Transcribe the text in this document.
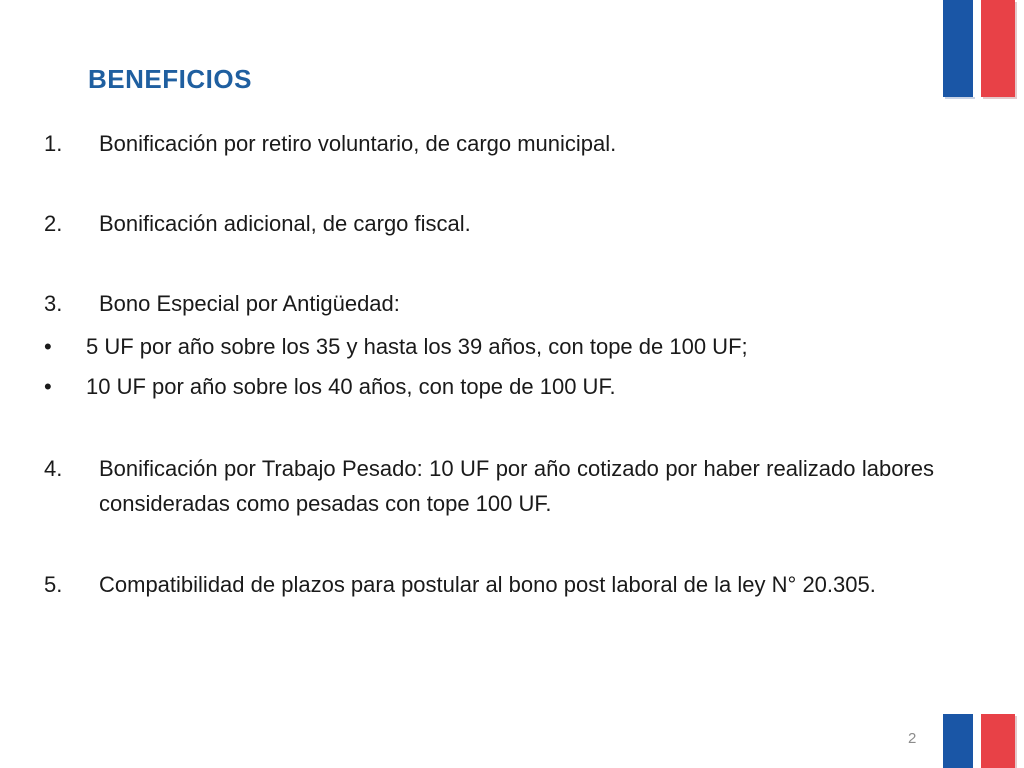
BENEFICIOS
1. Bonificación por retiro voluntario, de cargo municipal.
2. Bonificación adicional, de cargo fiscal.
3. Bono Especial por Antigüedad:
• 5 UF por año sobre los 35 y hasta los 39 años, con tope de 100 UF;
• 10 UF por año sobre los 40 años, con tope de 100 UF.
4. Bonificación por Trabajo Pesado: 10 UF por año cotizado por haber realizado labores consideradas como pesadas con tope 100 UF.
5. Compatibilidad de plazos para postular al bono post laboral de la ley N° 20.305.
2
